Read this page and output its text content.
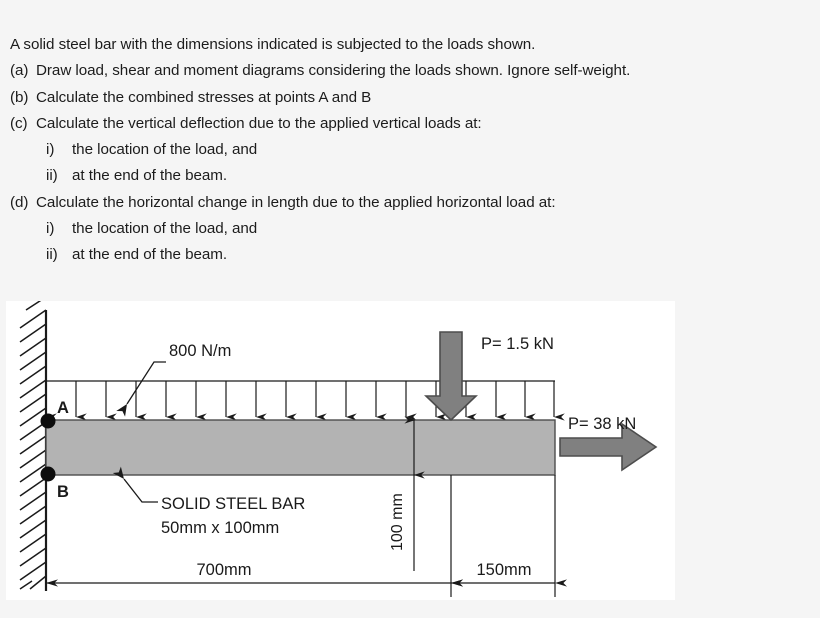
A solid steel bar with the dimensions indicated is subjected to the loads shown.
(a) Draw load, shear and moment diagrams considering the loads shown. Ignore self-weight.
(b) Calculate the combined stresses at points A and B
(c) Calculate the vertical deflection due to the applied vertical loads at:
i) the location of the load, and
ii) at the end of the beam.
(d) Calculate the horizontal change in length due to the applied horizontal load at:
i) the location of the load, and
ii) at the end of the beam.
800 N/m
A
B
SOLID STEEL BAR
50mm x 100mm
P= 1.5 kN
P= 38 kN
100 mm
700mm	150mm
